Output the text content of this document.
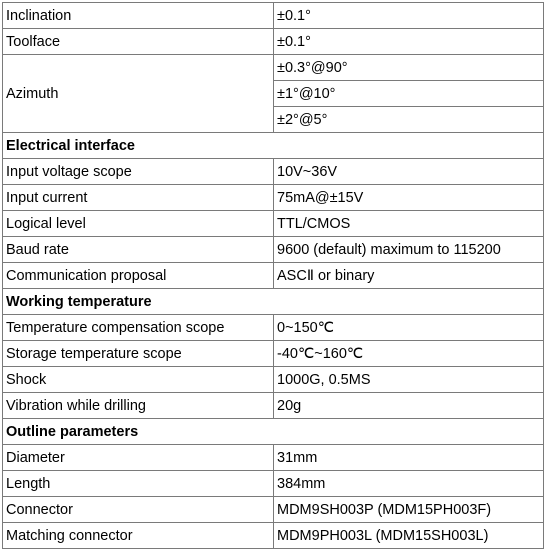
Inclination	±0.1°
Toolface	±0.1°
Azimuth	±0.3°@90°
	±1°@10°
	±2°@5°
Electrical interface	
Input voltage scope	10V~36V
Input current	75mA@±15V
Logical level	TTL/CMOS
Baud rate	9600 (default) maximum to 115200
Communication proposal	ASCⅡ or binary
Working temperature	
Temperature compensation scope	0~150℃
Storage temperature scope	-40℃~160℃
Shock	1000G, 0.5MS
Vibration while drilling	20g
Outline parameters	
Diameter	31mm
Length	384mm
Connector	MDM9SH003P (MDM15PH003F)
Matching connector	MDM9PH003L (MDM15SH003L)
